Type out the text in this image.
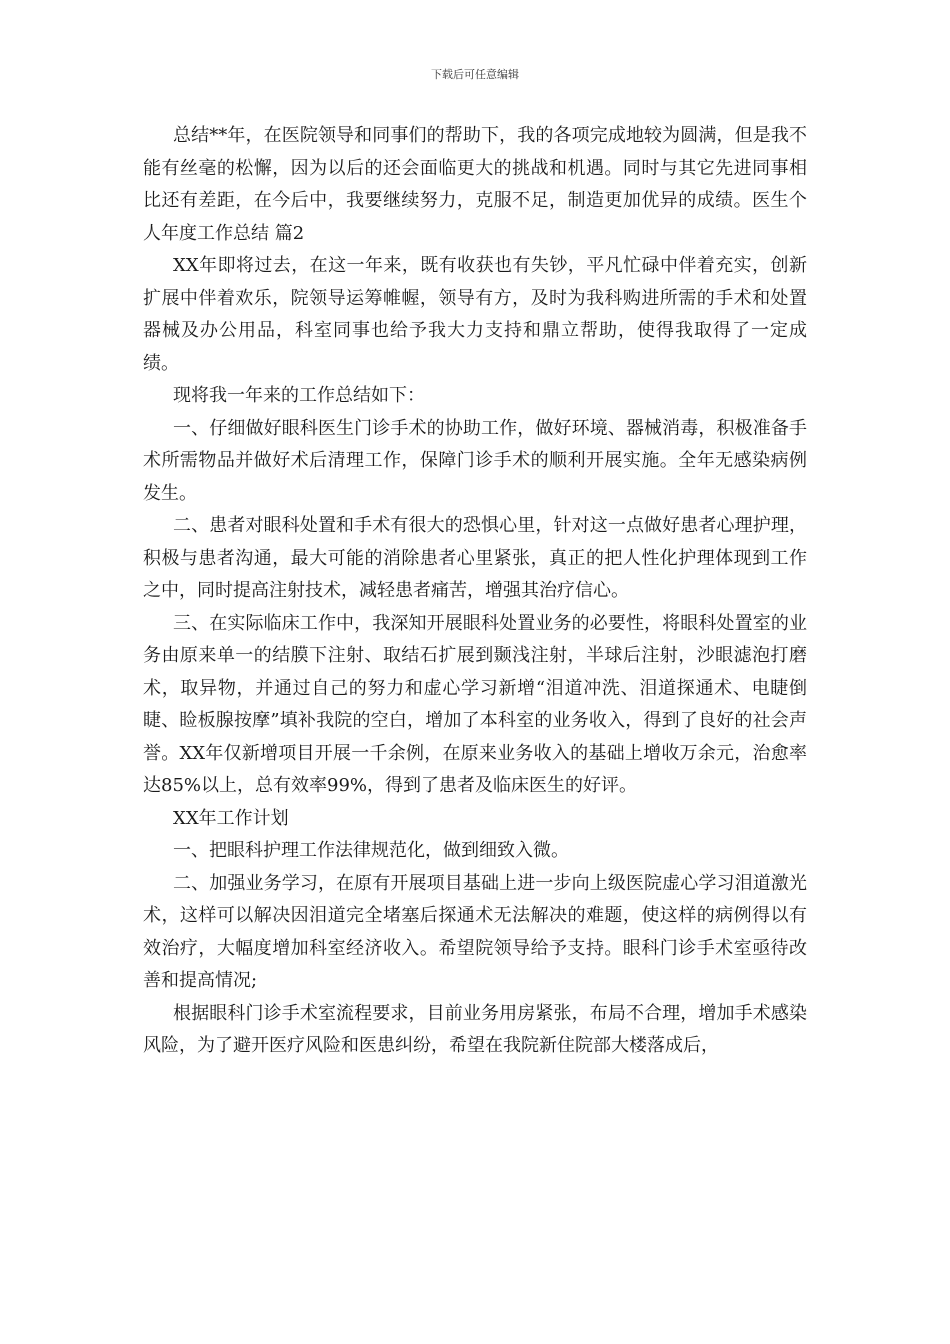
下载后可任意编辑

总结**年，在医院领导和同事们的帮助下，我的各项完成地较为圆满，但是我不能有丝毫的松懈，因为以后的还会面临更大的挑战和机遇。同时与其它先进同事相比还有差距，在今后中，我要继续努力，克服不足，制造更加优异的成绩。医生个人年度工作总结 篇2

XX年即将过去，在这一年来，既有收获也有失钞，平凡忙碌中伴着充实，创新扩展中伴着欢乐，院领导运筹帷幄，领导有方，及时为我科购进所需的手术和处置器械及办公用品，科室同事也给予我大力支持和鼎立帮助，使得我取得了一定成绩。

现将我一年来的工作总结如下：

一、仔细做好眼科医生门诊手术的协助工作，做好环境、器械消毒，积极准备手术所需物品并做好术后清理工作，保障门诊手术的顺利开展实施。全年无感染病例发生。

二、患者对眼科处置和手术有很大的恐惧心里，针对这一点做好患者心理护理，积极与患者沟通，最大可能的消除患者心里紧张，真正的把人性化护理体现到工作之中，同时提高注射技术，减轻患者痛苦，增强其治疗信心。

三、在实际临床工作中，我深知开展眼科处置业务的必要性，将眼科处置室的业务由原来单一的结膜下注射、取结石扩展到颞浅注射，半球后注射，沙眼滤泡打磨术，取异物，并通过自己的努力和虚心学习新增“泪道冲洗、泪道探通术、电睫倒睫、睑板腺按摩”填补我院的空白，增加了本科室的业务收入，得到了良好的社会声誉。XX年仅新增项目开展一千余例，在原来业务收入的基础上增收万余元，治愈率达85%以上，总有效率99%，得到了患者及临床医生的好评。

XX年工作计划

一、把眼科护理工作法律规范化，做到细致入微。

二、加强业务学习，在原有开展项目基础上进一步向上级医院虚心学习泪道激光术，这样可以解决因泪道完全堵塞后探通术无法解决的难题，使这样的病例得以有效治疗，大幅度增加科室经济收入。希望院领导给予支持。眼科门诊手术室亟待改善和提高情况;

根据眼科门诊手术室流程要求，目前业务用房紧张，布局不合理，增加手术感染风险，为了避开医疗风险和医患纠纷，希望在我院新住院部大楼落成后，
